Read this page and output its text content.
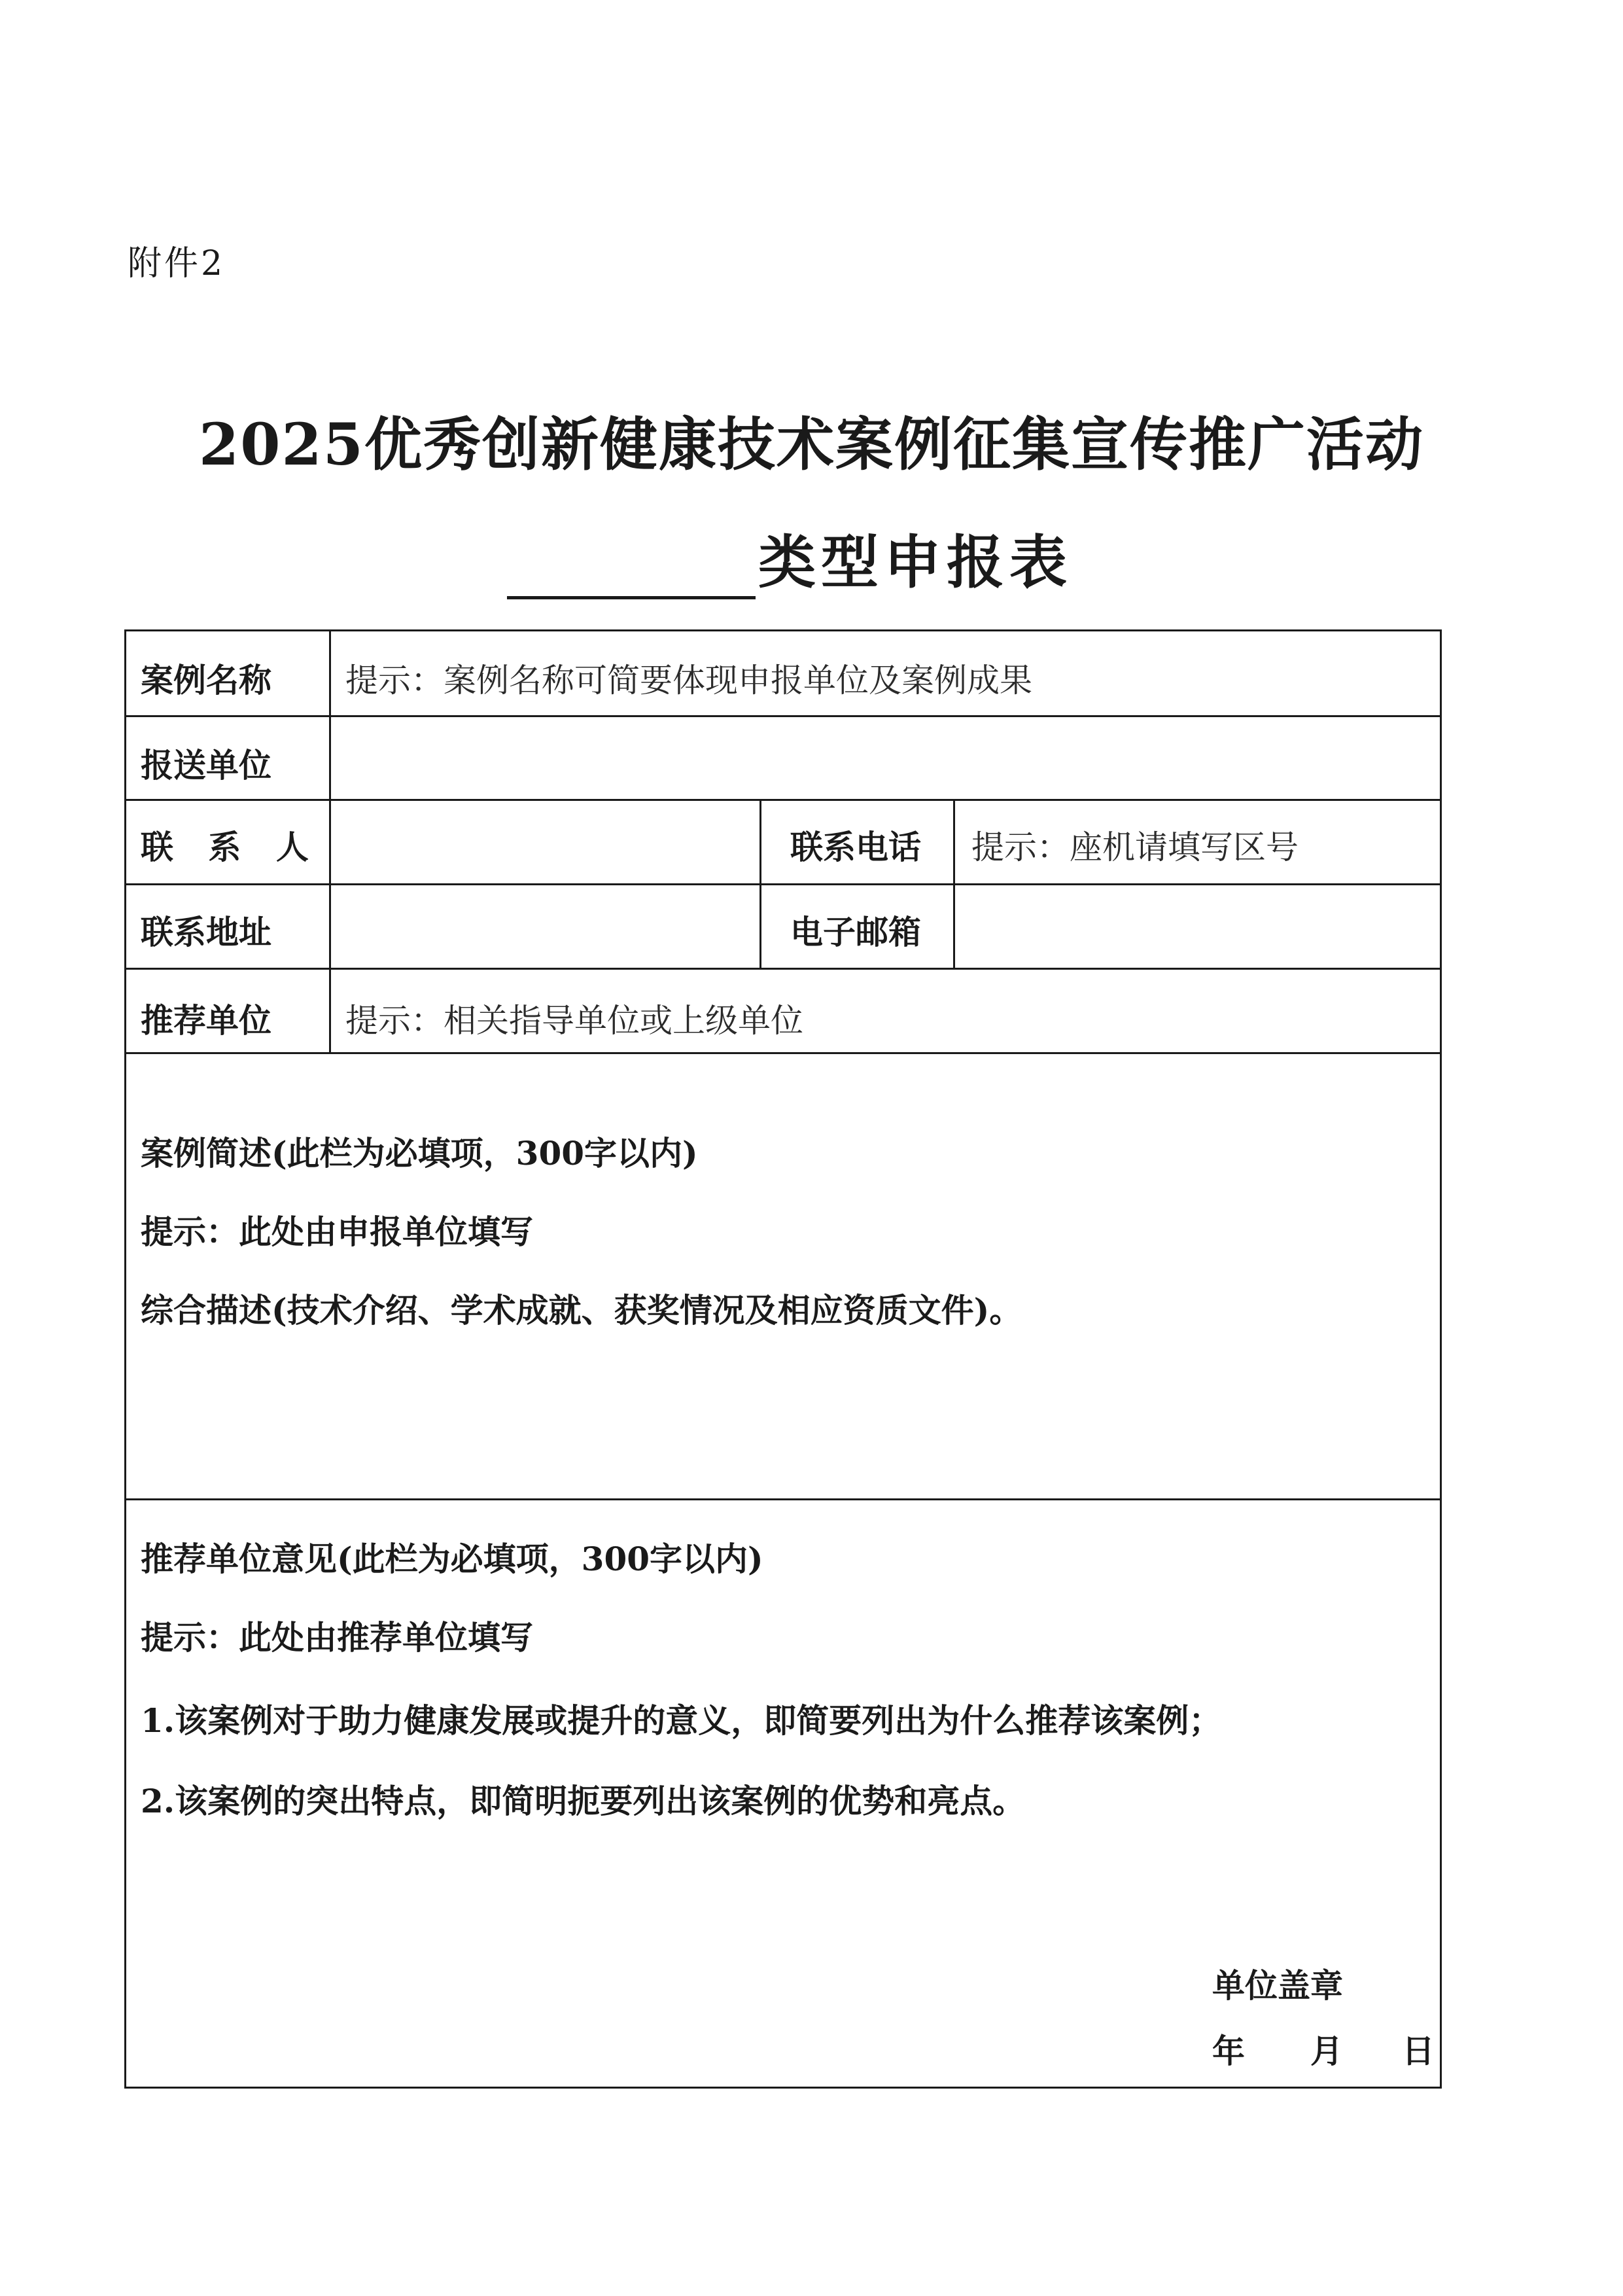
附件2
2025优秀创新健康技术案例征集宣传推广活动
类型申报表
案例名称 提示：案例名称可简要体现申报单位及案例成果
报送单位
联 系 人	联系电话 提示：座机请填写区号
联系地址	电子邮箱
推荐单位 提示：相关指导单位或上级单位
案例简述(此栏为必填项，300字以内)
提示：此处由申报单位填写
综合描述(技术介绍、学术成就、获奖情况及相应资质文件)。
推荐单位意见(此栏为必填项，300字以内)
提示：此处由推荐单位填写
1.该案例对于助力健康发展或提升的意义，即简要列出为什么推荐该案例；
2.该案例的突出特点，即简明扼要列出该案例的优势和亮点。
单位盖章
年 月 日
